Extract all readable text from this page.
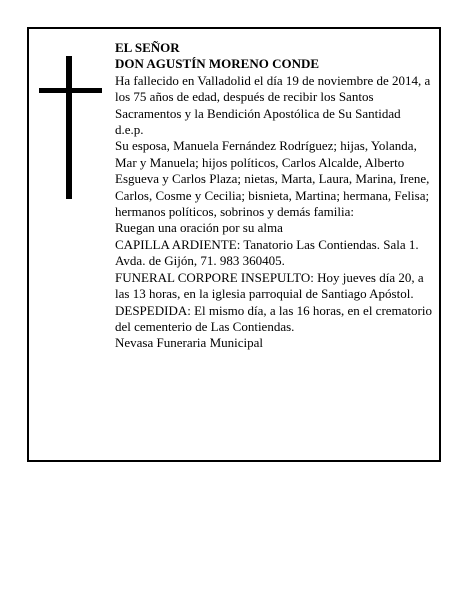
EL SEÑOR

DON AGUSTÍN MORENO CONDE

Ha fallecido en Valladolid el día 19 de noviembre de 2014, a los 75 años de edad, después de recibir los Santos Sacramentos y la Bendición Apostólica de Su Santidad

d.e.p.

Su esposa, Manuela Fernández Rodríguez; hijas, Yolanda, Mar y Manuela; hijos políticos, Carlos Alcalde, Alberto Esgueva y Carlos Plaza; nietas, Marta, Laura, Marina, Irene, Carlos, Cosme y Cecilia; bisnieta, Martina; hermana, Felisa; hermanos políticos, sobrinos y demás familia:

Ruegan una oración por su alma

CAPILLA ARDIENTE: Tanatorio Las Contiendas. Sala 1. Avda. de Gijón, 71. 983 360405.

FUNERAL CORPORE INSEPULTO: Hoy jueves día 20, a las 13 horas, en la iglesia parroquial de Santiago Apóstol.

DESPEDIDA: El mismo día, a las 16 horas, en el crematorio del cementerio de Las Contiendas.

Nevasa Funeraria Municipal
